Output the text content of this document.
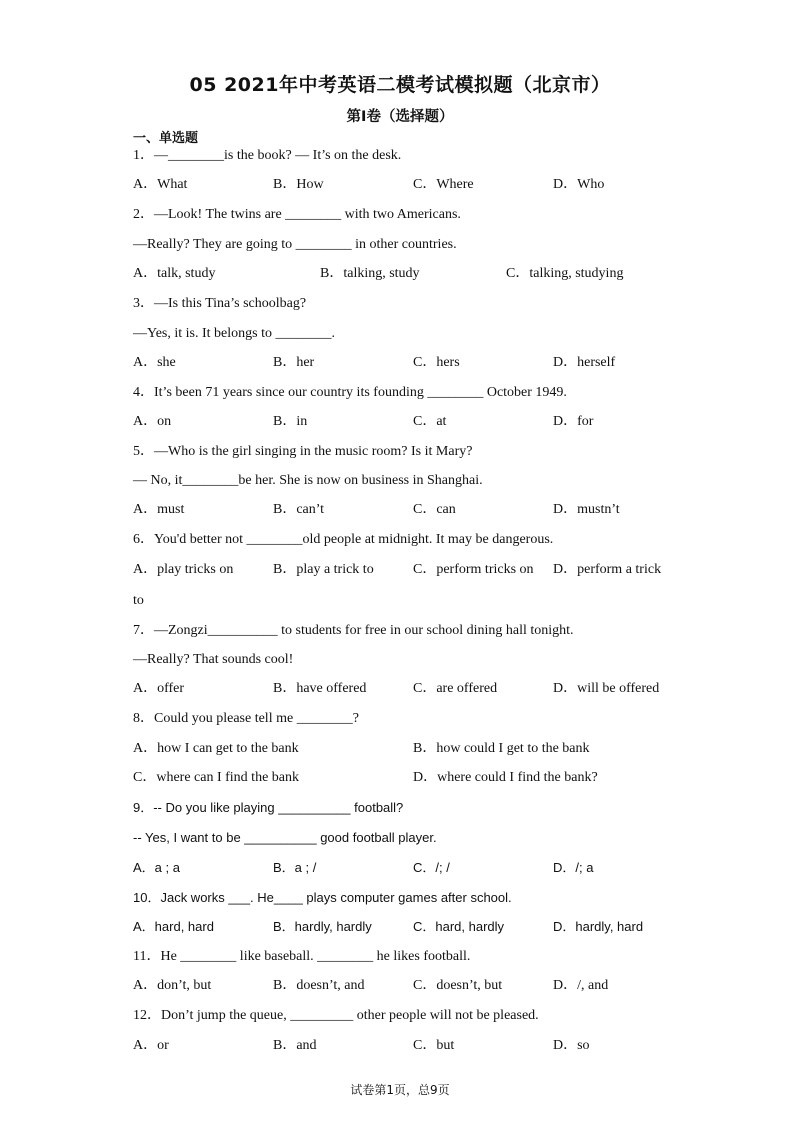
05 2021年中考英语二模考试模拟题（北京市）
第I卷（选择题）
一、单选题
1．—________is the book? — It’s on the desk.
A．What	B．How	C．Where	D．Who
2．—Look! The twins are ________ with two Americans.
—Really? They are going to ________ in other countries.
A．talk, study	B．talking, study	C．talking, studying
3．—Is this Tina’s schoolbag?
—Yes, it is. It belongs to ________.
A．she	B．her	C．hers	D．herself
4．It’s been 71 years since our country its founding ________ October 1949.
A．on	B．in	C．at	D．for
5．—Who is the girl singing in the music room? Is it Mary?
— No, it________be her. She is now on business in Shanghai.
A．must	B．can’t	C．can	D．mustn’t
6．You'd better not ________old people at midnight. It may be dangerous.
A．play tricks on	B．play a trick to	C．perform tricks on D．perform a trick
to
7．—Zongzi__________ to students for free in our school dining hall tonight.
—Really? That sounds cool!
A．offer	B．have offered	C．are offered	D．will be offered
8．Could you please tell me ________?
A．how I can get to the bank	B．how could I get to the bank
C．where can I find the bank	D．where could I find the bank?
9．-- Do you like playing __________ football?
-- Yes, I want to be __________ good football player.
A．a ; a	B．a ; /	C．/; /	D．/; a
10．Jack works ___. He____ plays computer games after school.
A．hard, hard	B．hardly, hardly	C．hard, hardly	D．hardly, hard
11．He ________ like baseball. ________ he likes football.
A．don’t, but	B．doesn’t, and	C．doesn’t, but	D．/, and
12．Don’t jump the queue, _________ other people will not be pleased.
A．or	B．and	C．but	D．so
试卷第1页，总9页
